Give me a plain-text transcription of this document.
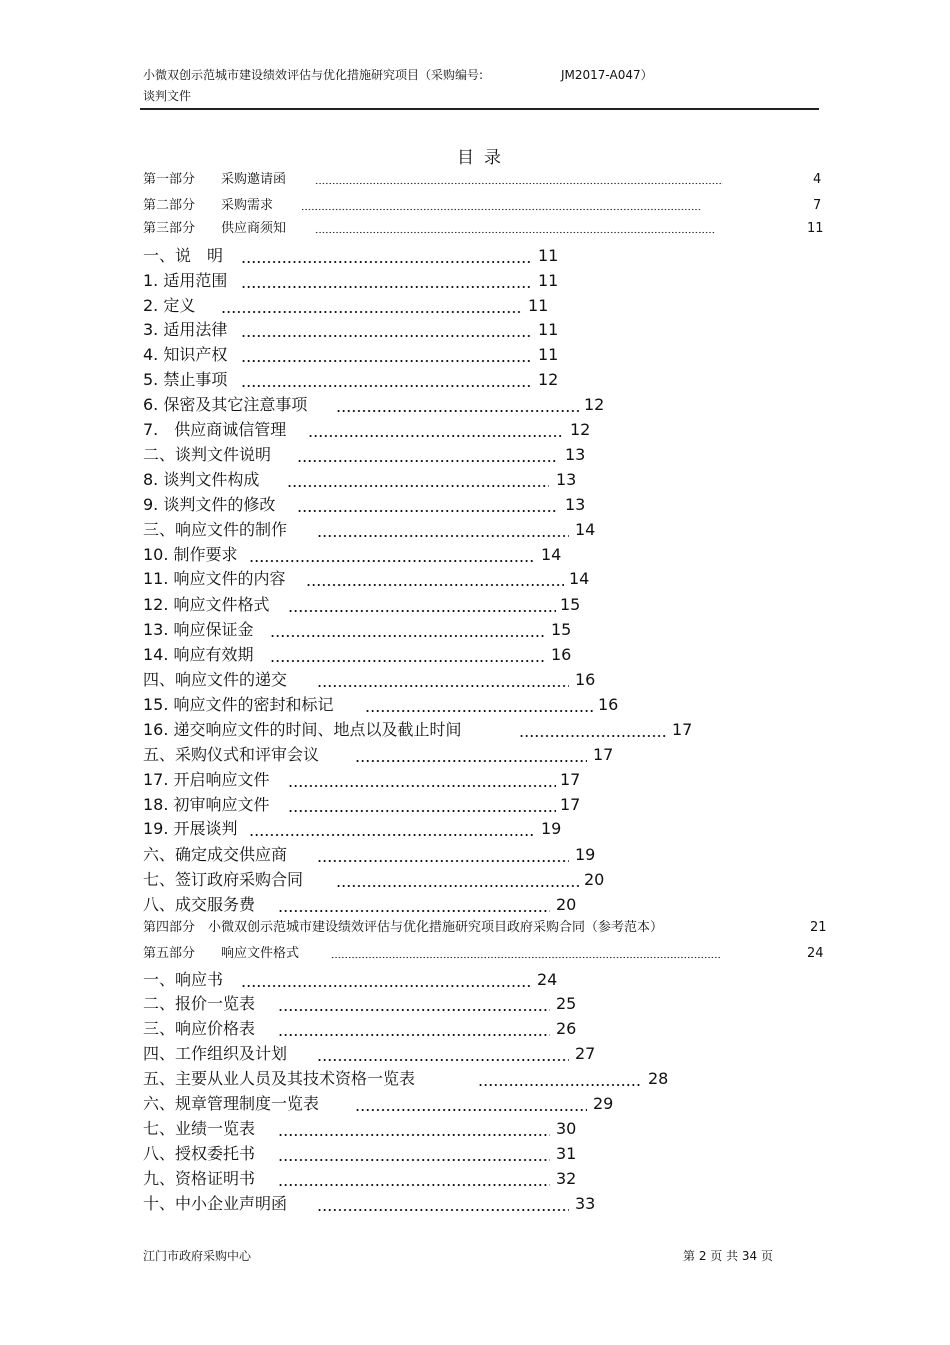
小微双创示范城市建设绩效评估与优化措施研究项目（采购编号:	JM2017-A047）
谈判文件
目录
第一部分　　采购邀请函	4
第二部分　　采购需求	7
第三部分　　供应商须知	11
一、说　明	11
1. 适用范围	11
2. 定义	11
3. 适用法律	11
4. 知识产权	11
5. 禁止事项	12
6. 保密及其它注意事项	12
7.　供应商诚信管理	12
二、谈判文件说明	13
8. 谈判文件构成	13
9. 谈判文件的修改	13
三、响应文件的制作	14
10. 制作要求	14
11. 响应文件的内容	14
12. 响应文件格式	15
13. 响应保证金	15
14. 响应有效期	16
四、响应文件的递交	16
15. 响应文件的密封和标记	16
16. 递交响应文件的时间、地点以及截止时间	17
五、采购仪式和评审会议	17
17. 开启响应文件	17
18. 初审响应文件	17
19. 开展谈判	19
六、确定成交供应商	19
七、签订政府采购合同	20
八、成交服务费	20
第四部分　小微双创示范城市建设绩效评估与优化措施研究项目政府采购合同（参考范本）	21
第五部分　　响应文件格式	24
一、响应书	24
二、报价一览表	25
三、响应价格表	26
四、工作组织及计划	27
五、主要从业人员及其技术资格一览表	28
六、规章管理制度一览表	29
七、业绩一览表	30
八、授权委托书	31
九、资格证明书	32
十、中小企业声明函	33
江门市政府采购中心	第 2 页 共 34 页
